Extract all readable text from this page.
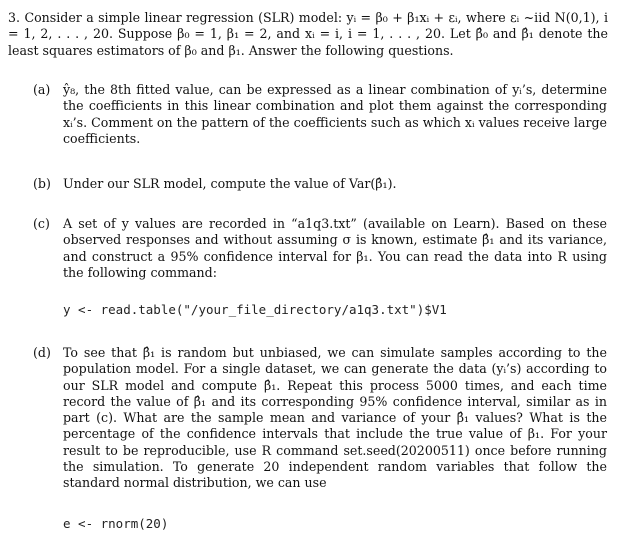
3. Consider a simple linear regression (SLR) model: yᵢ = β₀ + β₁xᵢ + εᵢ, where εᵢ ~iid N(0,1), i = 1, 2, . . . , 20. Suppose β₀ = 1, β₁ = 2, and xᵢ = i, i = 1, . . . , 20. Let β̂₀ and β̂₁ denote the least squares estimators of β₀ and β₁. Answer the following questions.
(a) ŷ₈, the 8th fitted value, can be expressed as a linear combination of yᵢ’s, determine the coefficients in this linear combination and plot them against the corresponding xᵢ’s. Comment on the pattern of the coefficients such as which xᵢ values receive large coefficients.
(b) Under our SLR model, compute the value of Var(β̂₁).
(c) A set of y values are recorded in “a1q3.txt” (available on Learn). Based on these observed responses and without assuming σ is known, estimate β̂₁ and its variance, and construct a 95% confidence interval for β₁. You can read the data into R using the following command:
y <- read.table("/your_file_directory/a1q3.txt")$V1
(d) To see that β̂₁ is random but unbiased, we can simulate samples according to the population model. For a single dataset, we can generate the data (yᵢ’s) according to our SLR model and compute β̂₁. Repeat this process 5000 times, and each time record the value of β̂₁ and its corresponding 95% confidence interval, similar as in part (c). What are the sample mean and variance of your β̂₁ values? What is the percentage of the confidence intervals that include the true value of β₁. For your result to be reproducible, use R command set.seed(20200511) once before running the simulation. To generate 20 independent random variables that follow the standard normal distribution, we can use
e <- rnorm(20)
